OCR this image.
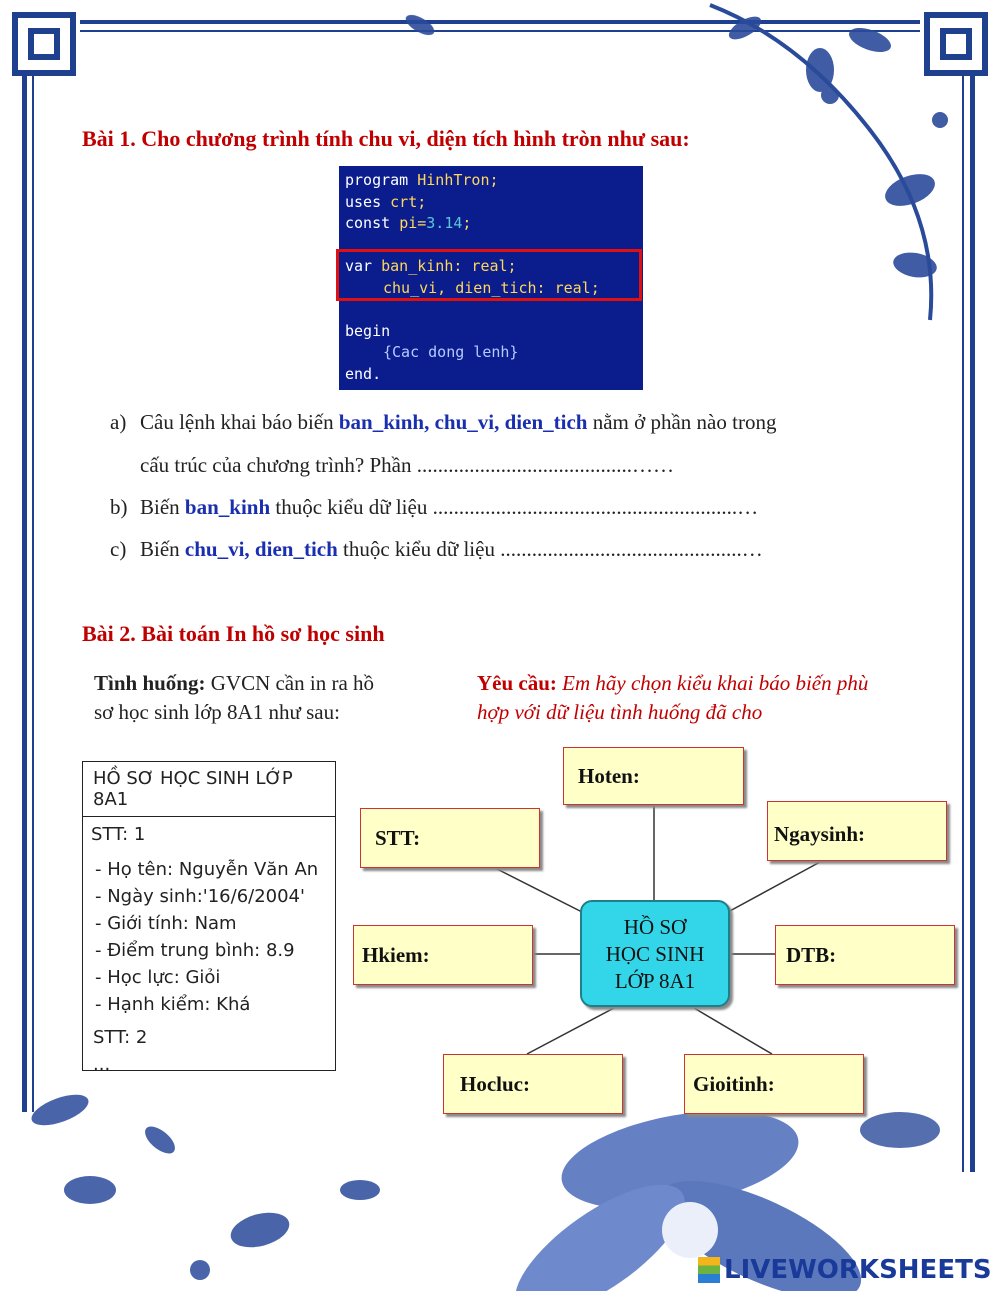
Bài 1. Cho chương trình tính chu vi, diện tích hình tròn như sau:
program HinhTron;
uses crt;
const pi=3.14;
var ban_kinh: real;
chu_vi, dien_tich: real;
begin
{Cac dong lenh}
end.
a) Câu lệnh khai báo biến ban_kinh, chu_vi, dien_tich nằm ở phần nào trong
cấu trúc của chương trình? Phần .........................................……
b) Biến ban_kinh thuộc kiểu dữ liệu ..........................................................…
c) Biến chu_vi, dien_tich thuộc kiểu dữ liệu ..............................................…
Bài 2. Bài toán In hồ sơ học sinh
Tình huống: GVCN cần in ra hồ
sơ học sinh lớp 8A1 như sau:
Yêu cầu: Em hãy chọn kiểu khai báo biến phù
hợp với dữ liệu tình huống đã cho
HỒ SƠ HỌC SINH LỚP 8A1
STT: 1
- Họ tên: Nguyễn Văn An
- Ngày sinh:'16/6/2004'
- Giới tính: Nam
- Điểm trung bình: 8.9
- Học lực: Giỏi
- Hạnh kiểm: Khá
STT: 2
...
Hoten:
STT:	Ngaysinh:
Hkiem:	DTB:
Hocluc:	Gioitinh:
HỒ SƠ
HỌC SINH
LỚP 8A1
LIVEWORKSHEETS
